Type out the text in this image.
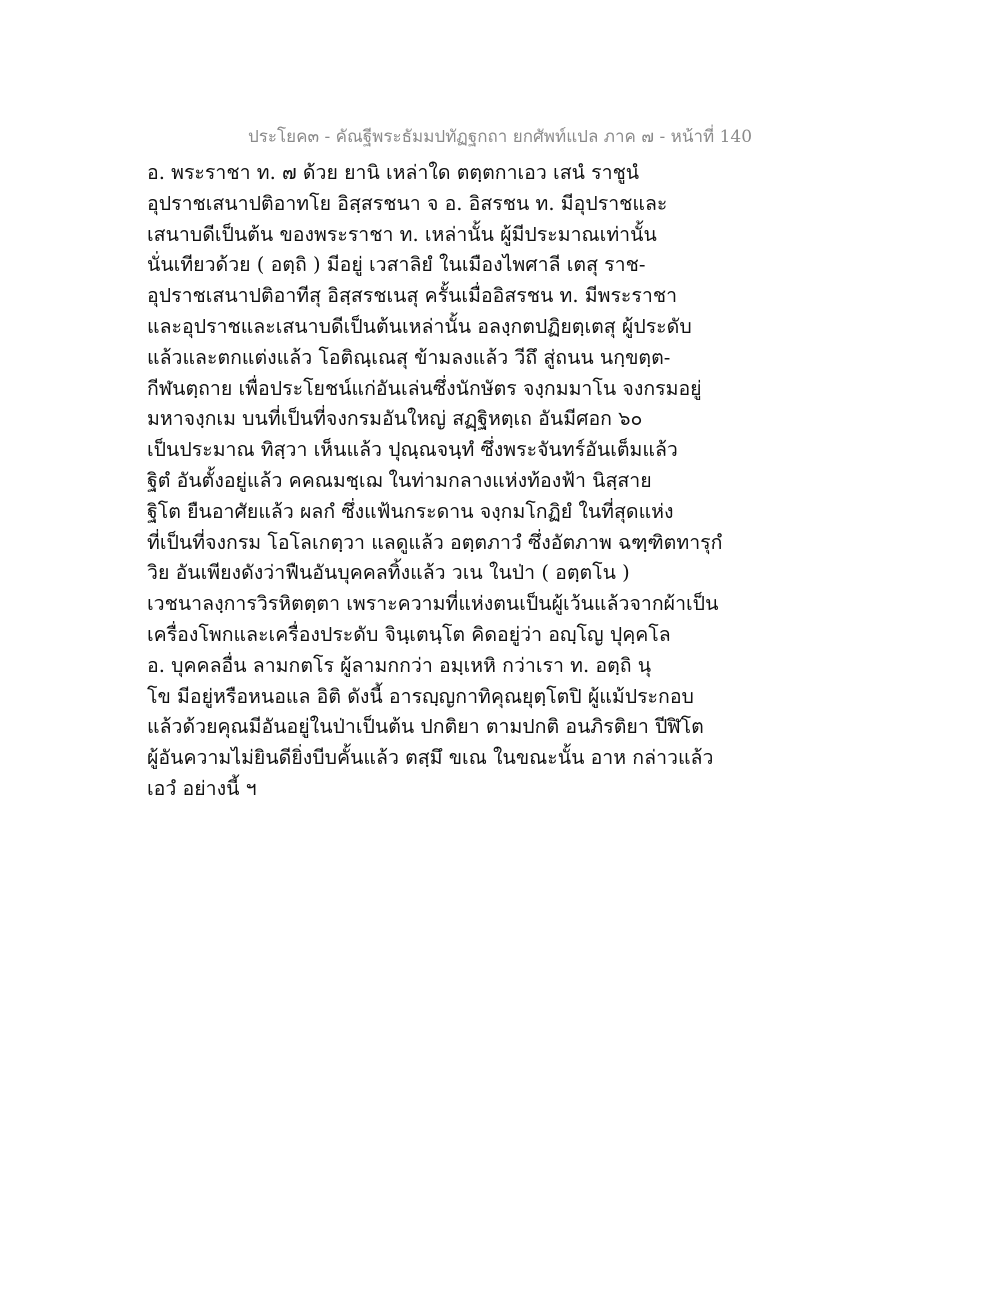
ประโยค๓ - คัณฐีพระธัมมปทัฏฐกถา ยกศัพท์แปล ภาค ๗ - หน้าที่ 140
อ. พระราชา ท. ๗ ด้วย ยานิ เหล่าใด ตตฺตกาเอว เสนํ ราชูนํ
อุปราชเสนาปติอาทโย อิสฺสรชนา จ อ. อิสรชน ท. มีอุปราชและ
เสนาบดีเป็นต้น ของพระราชา ท. เหล่านั้น ผู้มีประมาณเท่านั้น
นั่นเทียวด้วย ( อตฺถิ ) มีอยู่ เวสาลิยํ ในเมืองไพศาลี เตสุ ราช-
อุปราชเสนาปติอาทีสุ อิสฺสรชเนสุ ครั้นเมื่ออิสรชน ท. มีพระราชา
และอุปราชและเสนาบดีเป็นต้นเหล่านั้น อลงฺกตปฏิยตฺเตสุ ผู้ประดับ
แล้วและตกแต่งแล้ว โอติณฺเณสุ ข้ามลงแล้ว วีถึ สู่ถนน นกฺขตฺต-
กีฬนตฺถาย เพื่อประโยชน์แก่อันเล่นซึ่งนักษัตร จงฺกมมาโน จงกรมอยู่
มหาจงฺกเม บนที่เป็นที่จงกรมอันใหญ่ สฏฺฐิหตฺเถ อันมีศอก ๖๐
เป็นประมาณ ทิสฺวา เห็นแล้ว ปุณฺณจนฺทํ ซึ่งพระจันทร์อันเต็มแล้ว
ฐิตํ อันตั้งอยู่แล้ว คคณมชฺเฌ ในท่ามกลางแห่งท้องฟ้า นิสฺสาย
ฐิโต ยืนอาศัยแล้ว ผลกํ ซึ่งแฟ้นกระดาน จงฺกมโกฏิยํ ในที่สุดแห่ง
ที่เป็นที่จงกรม โอโลเกตฺวา แลดูแล้ว อตฺตภาวํ ซึ่งอัตภาพ ฉฑฺฑิตทารุกํ
วิย อันเพียงดังว่าฟืนอันบุคคลทิ้งแล้ว วเน ในป่า ( อตฺตโน )
เวชนาลงฺการวิรหิตตฺตา เพราะความที่แห่งตนเป็นผู้เว้นแล้วจากผ้าเป็น
เครื่องโพกและเครื่องประดับ จินฺเตนฺโต คิดอยู่ว่า อญฺโญ ปุคฺคโล
อ. บุคคลอื่น ลามกตโร ผู้ลามกกว่า อมฺเหหิ กว่าเรา ท. อตฺถิ นุ
โข มีอยู่หรือหนอแล อิติ ดังนี้ อารญฺญกาทิคุณยุตฺโตปิ ผู้แม้ประกอบ
แล้วด้วยคุณมีอันอยู่ในป่าเป็นต้น ปกติยา ตามปกติ อนภิรติยา ปีฬิโต
ผู้อันความไม่ยินดียิ่งบีบคั้นแล้ว ตสฺมึ ขเณ ในขณะนั้น อาห กล่าวแล้ว
เอวํ อย่างนี้ ฯ
